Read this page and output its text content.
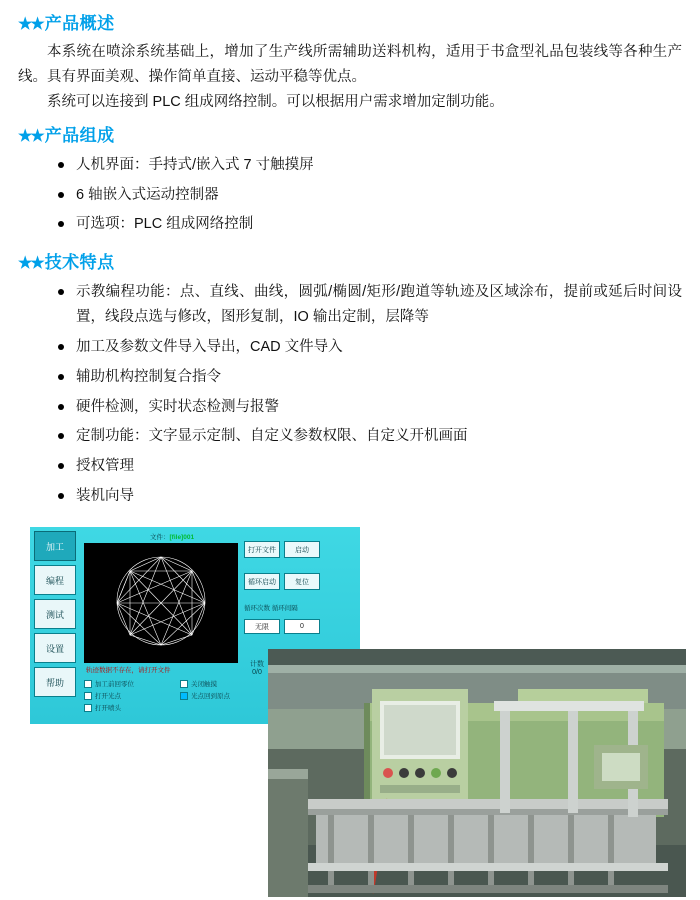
★★ 产品概述

本系统在喷涂系统基础上，增加了生产线所需辅助送料机构，适用于书盒型礼品包装线等各种生产线。具有界面美观、操作简单直接、运动平稳等优点。

系统可以连接到 PLC 组成网络控制。可以根据用户需求增加定制功能。

★★ 产品组成
人机界面：手持式/嵌入式 7 寸触摸屏
6 轴嵌入式运动控制器
可选项：PLC 组成网络控制
★★ 技术特点
示教编程功能：点、直线、曲线，圆弧/椭圆/矩形/跑道等轨迹及区域涂布，提前或延后时间设置，线段点选与修改，图形复制，IO 输出定制，层降等
加工及参数文件导入导出，CAD 文件导入
辅助机构控制复合指令
硬件检测，实时状态检测与报警
定制功能：文字显示定制、自定义参数权限、自定义开机画面
授权管理
装机向导
加工
编程
测试
设置
帮助
文件：[file]001
轨迹数据不存在，请打开文件
计数
0/0
打开文件	启动
循环启动	复位
循环次数 循环间隔
无限	0
加工前回零位	关闭触摸
打开光点	光点回到原点
打开喷头
